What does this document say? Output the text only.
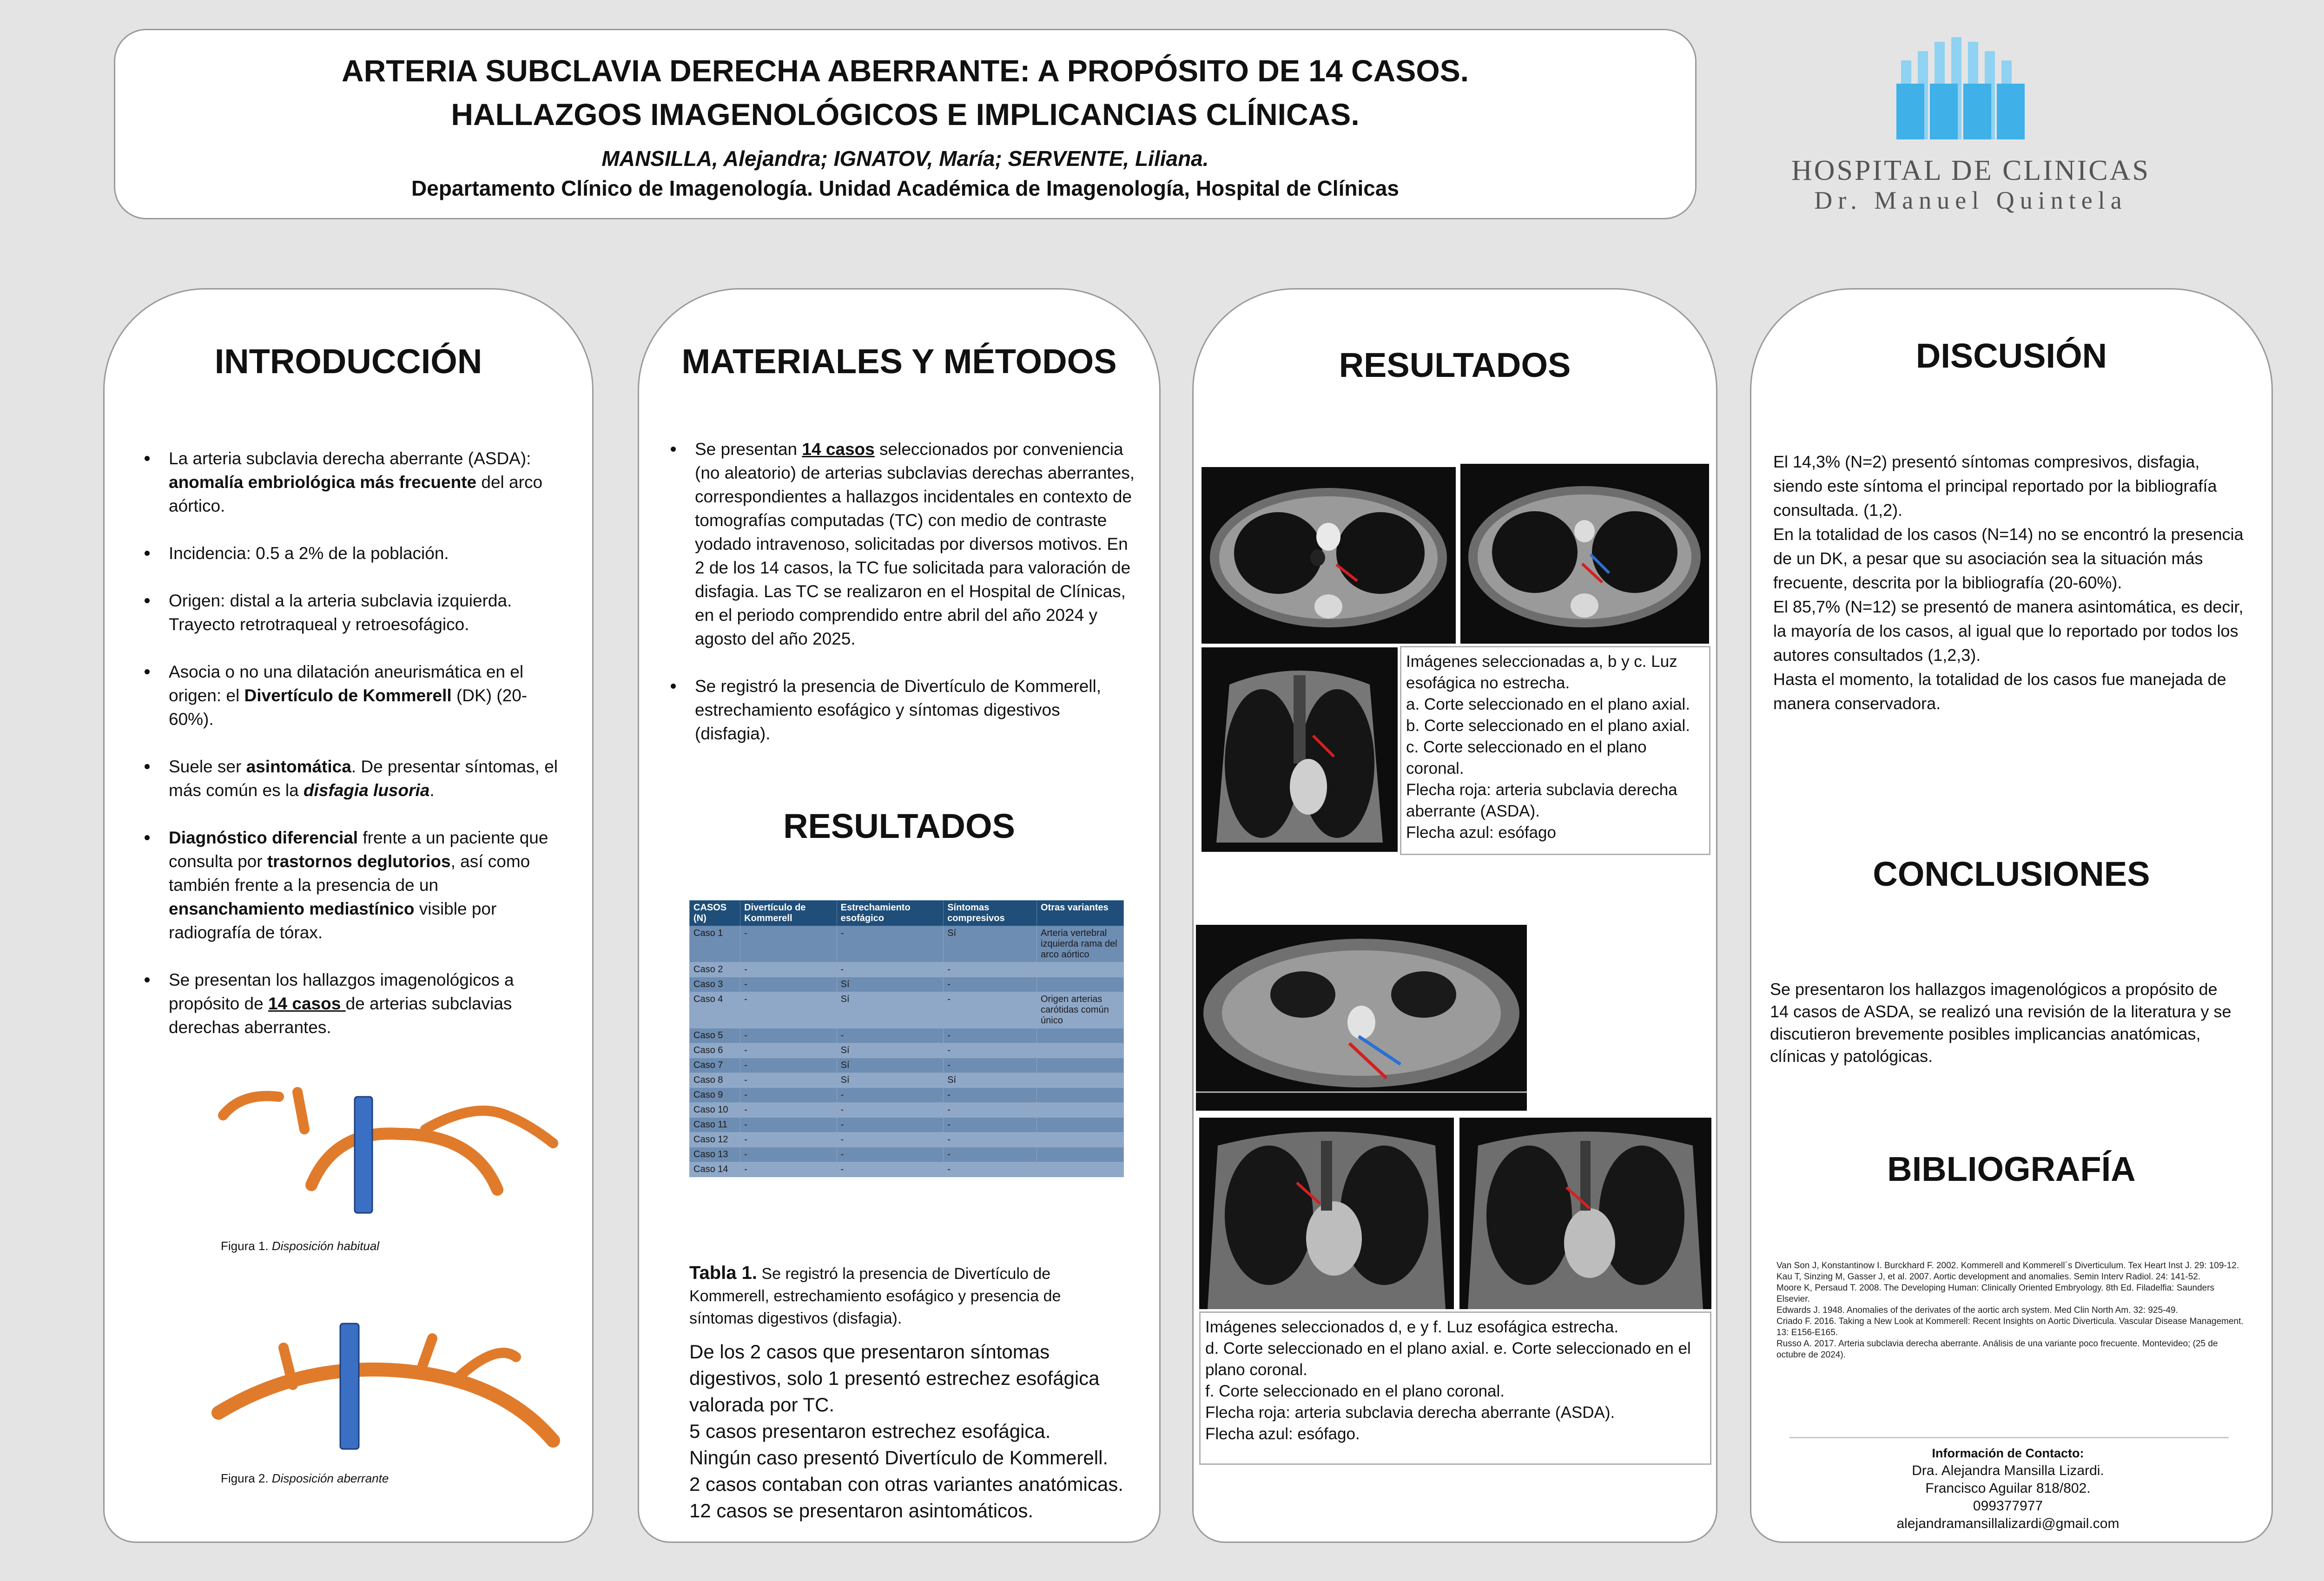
ARTERIA SUBCLAVIA DERECHA ABERRANTE: A PROPÓSITO DE 14 CASOS.
HALLAZGOS IMAGENOLÓGICOS E IMPLICANCIAS CLÍNICAS.
MANSILLA, Alejandra; IGNATOV, María; SERVENTE, Liliana.
Departamento Clínico de Imagenología. Unidad Académica de Imagenología, Hospital de Clínicas
HOSPITAL DE CLINICAS
Dr. Manuel Quintela
INTRODUCCIÓN
La arteria subclavia derecha aberrante (ASDA): anomalía embriológica más frecuente del arco aórtico.
Incidencia: 0.5 a 2% de la población.
Origen: distal a la arteria subclavia izquierda. Trayecto retrotraqueal y retroesofágico.
Asocia o no una dilatación aneurismática en el origen: el Divertículo de Kommerell (DK) (20-60%).
Suele ser asintomática. De presentar síntomas, el más común es la disfagia lusoria.
Diagnóstico diferencial frente a un paciente que consulta por trastornos deglutorios, así como también frente a la presencia de un ensanchamiento mediastínico visible por radiografía de tórax.
Se presentan los hallazgos imagenológicos a propósito de 14 casos de arterias subclavias derechas aberrantes.
Figura 1. Disposición habitual
Figura 2. Disposición aberrante
MATERIALES Y MÉTODOS
Se presentan 14 casos seleccionados por conveniencia (no aleatorio) de arterias subclavias derechas aberrantes, correspondientes a hallazgos incidentales en contexto de tomografías computadas (TC) con medio de contraste yodado intravenoso, solicitadas por diversos motivos. En 2 de los 14 casos, la TC fue solicitada para valoración de disfagia. Las TC se realizaron en el Hospital de Clínicas, en el periodo comprendido entre abril del año 2024 y agosto del año 2025.
Se registró la presencia de Divertículo de Kommerell, estrechamiento esofágico y síntomas digestivos (disfagia).
RESULTADOS
CASOS (N)	Divertículo de Kommerell	Estrechamiento esofágico	Síntomas compresivos	Otras variantes
Caso 1	-	-	Sí	Arteria vertebral izquierda rama del arco aórtico
Caso 2	-	-	-	
Caso 3	-	Sí	-	
Caso 4	-	Sí	-	Origen arterias carótidas común único
Caso 5	-	-	-	
Caso 6	-	Sí	-	
Caso 7	-	Sí	-	
Caso 8	-	Sí	Sí	
Caso 9	-	-	-	
Caso 10	-	-	-	
Caso 11	-	-	-	
Caso 12	-	-	-	
Caso 13	-	-	-	
Caso 14	-	-	-	
Tabla 1. Se registró la presencia de Divertículo de Kommerell, estrechamiento esofágico y presencia de síntomas digestivos (disfagia).
De los 2 casos que presentaron síntomas digestivos, solo 1 presentó estrechez esofágica valorada por TC.
5 casos presentaron estrechez esofágica.
Ningún caso presentó Divertículo de Kommerell.
2 casos contaban con otras variantes anatómicas.
12 casos se presentaron asintomáticos.
RESULTADOS
Imágenes seleccionadas a, b y c. Luz esofágica no estrecha.
a. Corte seleccionado en el plano axial.
b. Corte seleccionado en el plano axial.
c. Corte seleccionado en el plano coronal.
Flecha roja: arteria subclavia derecha aberrante (ASDA).
Flecha azul: esófago
Imágenes seleccionados d, e y f. Luz esofágica estrecha.
d. Corte seleccionado en el plano axial. e. Corte seleccionado en el plano coronal.
f. Corte seleccionado en el plano coronal.
Flecha roja: arteria subclavia derecha aberrante (ASDA).
Flecha azul: esófago.
DISCUSIÓN
CONCLUSIONES
BIBLIOGRAFÍA
El 14,3% (N=2) presentó síntomas compresivos, disfagia, siendo este síntoma el principal reportado por la bibliografía consultada. (1,2).
En la totalidad de los casos (N=14) no se encontró la presencia de un DK, a pesar que su asociación sea la situación más frecuente, descrita por la bibliografía (20-60%).
El 85,7% (N=12) se presentó de manera asintomática, es decir, la mayoría de los casos, al igual que lo reportado por todos los autores consultados (1,2,3).
Hasta el momento, la totalidad de los casos fue manejada de manera conservadora.
Se presentaron los hallazgos imagenológicos a propósito de 14 casos de ASDA, se realizó una revisión de la literatura y se discutieron brevemente posibles implicancias anatómicas, clínicas y patológicas.
Van Son J, Konstantinow I. Burckhard F. 2002. Kommerell and Kommerell´s Diverticulum. Tex Heart Inst J. 29: 109-12.
Kau T, Sinzing M, Gasser J, et al. 2007. Aortic development and anomalies. Semin Interv Radiol. 24: 141-52.
Moore K, Persaud T. 2008. The Developing Human: Clinically Oriented Embryology. 8th Ed. Filadelfia: Saunders Elsevier.
Edwards J. 1948. Anomalies of the derivates of the aortic arch system. Med Clin North Am. 32: 925-49.
Criado F. 2016. Taking a New Look at Kommerell: Recent Insights on Aortic Diverticula. Vascular Disease Management. 13: E156-E165.
Russo A. 2017. Arteria subclavia derecha aberrante. Análisis de una variante poco frecuente. Montevideo; (25 de octubre de 2024).
Información de Contacto:
Dra. Alejandra Mansilla Lizardi.
Francisco Aguilar 818/802.
099377977
alejandramansillalizardi@gmail.com
